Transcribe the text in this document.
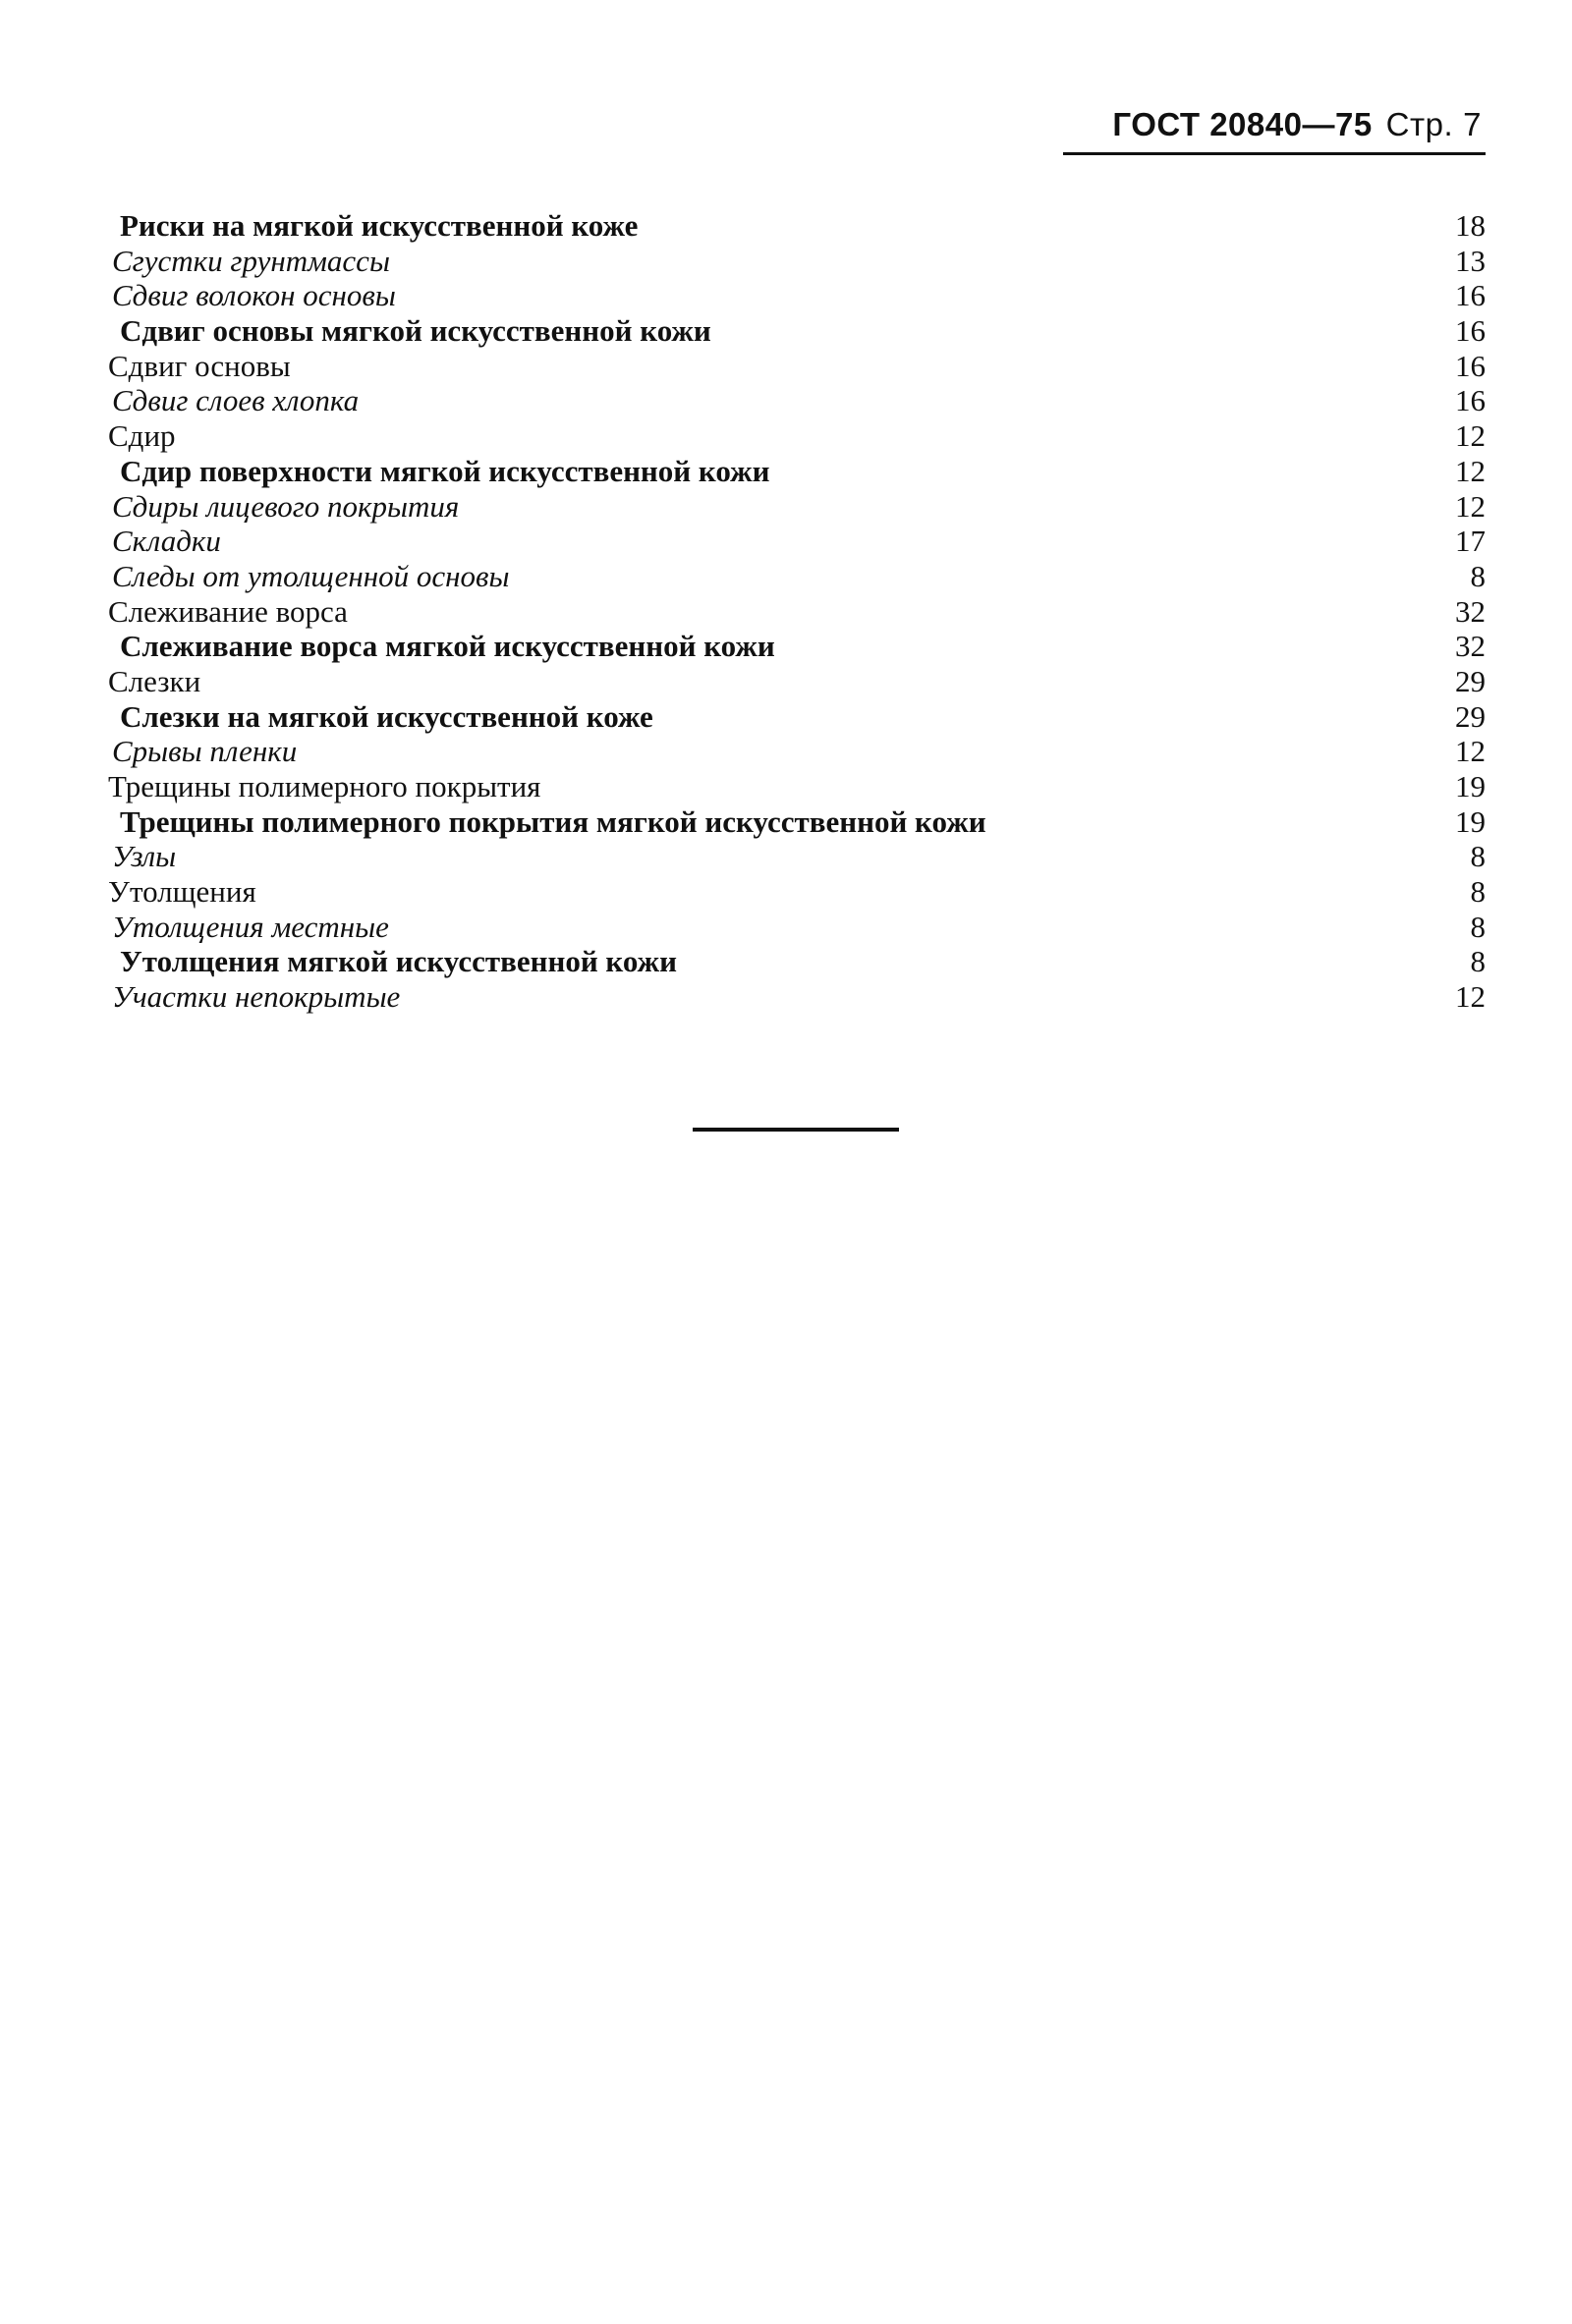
ГОСТ 20840—75 Стр. 7
Риски на мягкой искусственной коже	18
Сгустки грунтмассы	13
Сдвиг волокон основы	16
Сдвиг основы мягкой искусственной кожи	16
Сдвиг основы	16
Сдвиг слоев хлопка	16
Сдир	12
Сдир поверхности мягкой искусственной кожи	12
Сдиры лицевого покрытия	12
Складки	17
Следы от утолщенной основы	8
Слеживание ворса	32
Слеживание ворса мягкой искусственной кожи	32
Слезки	29
Слезки на мягкой искусственной коже	29
Срывы пленки	12
Трещины полимерного покрытия	19
Трещины полимерного покрытия мягкой искусственной кожи	19
Узлы	8
Утолщения	8
Утолщения местные	8
Утолщения мягкой искусственной кожи	8
Участки непокрытые	12
